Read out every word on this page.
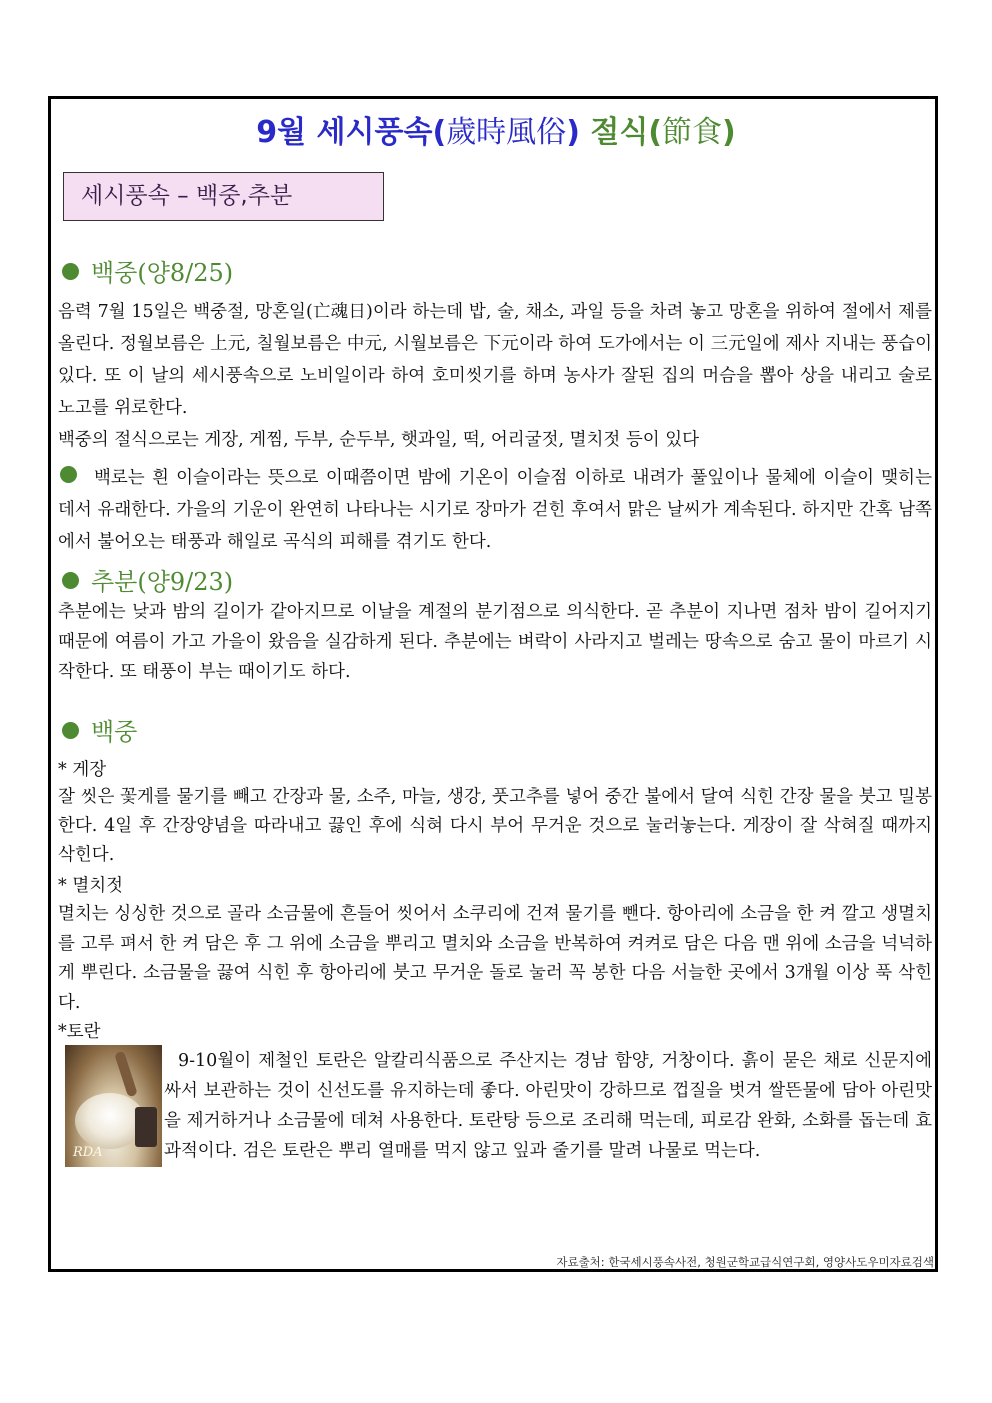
9월 세시풍속(歲時風俗) 절식(節食)
세시풍속 – 백중,추분
백중(양8/25)
음력 7월 15일은 백중절, 망혼일(亡魂日)이라 하는데 밥, 술, 채소, 과일 등을 차려 놓고 망혼을 위하여 절에서 제를 올린다. 정월보름은 上元, 칠월보름은 中元, 시월보름은 下元이라 하여 도가에서는 이 三元일에 제사 지내는 풍습이 있다. 또 이 날의 세시풍속으로 노비일이라 하여 호미씻기를 하며 농사가 잘된 집의 머슴을 뽑아 상을 내리고 술로 노고를 위로한다.
백중의 절식으로는 게장, 게찜, 두부, 순두부, 햇과일, 떡, 어리굴젓, 멸치젓 등이 있다
백로는 흰 이슬이라는 뜻으로 이때쯤이면 밤에 기온이 이슬점 이하로 내려가 풀잎이나 물체에 이슬이 맺히는 데서 유래한다. 가을의 기운이 완연히 나타나는 시기로 장마가 걷힌 후여서 맑은 날씨가 계속된다. 하지만 간혹 남쪽에서 불어오는 태풍과 해일로 곡식의 피해를 겪기도 한다.
추분(양9/23)
추분에는 낮과 밤의 길이가 같아지므로 이날을 계절의 분기점으로 의식한다. 곧 추분이 지나면 점차 밤이 길어지기 때문에 여름이 가고 가을이 왔음을 실감하게 된다. 추분에는 벼락이 사라지고 벌레는 땅속으로 숨고 물이 마르기 시작한다. 또 태풍이 부는 때이기도 하다.
백중
* 게장
잘 씻은 꽃게를 물기를 빼고 간장과 물, 소주, 마늘, 생강, 풋고추를 넣어 중간 불에서 달여 식힌 간장 물을 붓고 밀봉한다. 4일 후 간장양념을 따라내고 끓인 후에 식혀 다시 부어 무거운 것으로 눌러놓는다. 게장이 잘 삭혀질 때까지 삭힌다.
* 멸치젓
멸치는 싱싱한 것으로 골라 소금물에 흔들어 씻어서 소쿠리에 건져 물기를 뺀다. 항아리에 소금을 한 켜 깔고 생멸치를 고루 펴서 한 켜 담은 후 그 위에 소금을 뿌리고 멸치와 소금을 반복하여 켜켜로 담은 다음 맨 위에 소금을 넉넉하게 뿌린다. 소금물을 끓여 식힌 후 항아리에 붓고 무거운 돌로 눌러 꼭 봉한 다음 서늘한 곳에서 3개월 이상 푹 삭힌다.
*토란
RDA
9-10월이 제철인 토란은 알칼리식품으로 주산지는 경남 함양, 거창이다. 흙이 묻은 채로 신문지에 싸서 보관하는 것이 신선도를 유지하는데 좋다. 아린맛이 강하므로 껍질을 벗겨 쌀뜬물에 담아 아린맛을 제거하거나 소금물에 데쳐 사용한다. 토란탕 등으로 조리해 먹는데, 피로감 완화, 소화를 돕는데 효과적이다. 검은 토란은 뿌리 열매를 먹지 않고 잎과 줄기를 말려 나물로 먹는다.
자료출처: 한국세시풍속사전, 청원군학교급식연구회, 영양사도우미자료검색
